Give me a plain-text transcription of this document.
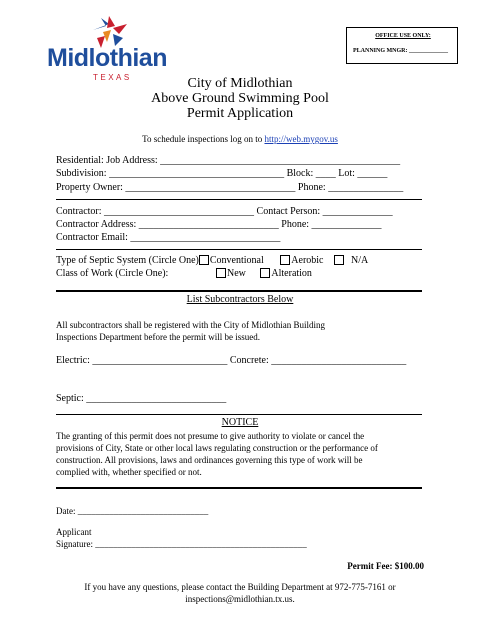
OFFICE USE ONLY:
PLANNING MNGR: _____________
Midlothian
TEXAS	City of Midlothian
Above Ground Swimming Pool
Permit Application
To schedule inspections log on to http://web.mygov.us
Residential: Job Address: ________________________________________________
Subdivision: ___________________________________ Block: ____ Lot: ______
Property Owner: __________________________________ Phone: _______________
Contractor: ______________________________ Contact Person: ______________
Contractor Address: ____________________________ Phone: ______________
Contractor Email: ______________________________
Type of Septic System (Circle One) Conventional	Aerobic	N/A
Class of Work (Circle One):	New	Alteration
List Subcontractors Below
All subcontractors shall be registered with the City of Midlothian Building
Inspections Department before the permit will be issued.
Electric: ___________________________ Concrete: ___________________________
Septic: ____________________________
NOTICE
The granting of this permit does not presume to give authority to violate or cancel the
provisions of City, State or other local laws regulating construction or the performance of
construction. All provisions, laws and ordinances governing this type of work will be
complied with, whether specified or not.
Date: _____________________________
Applicant
Signature: _______________________________________________
Permit Fee: $100.00
If you have any questions, please contact the Building Department at 972-775-7161 or
inspections@midlothian.tx.us.
